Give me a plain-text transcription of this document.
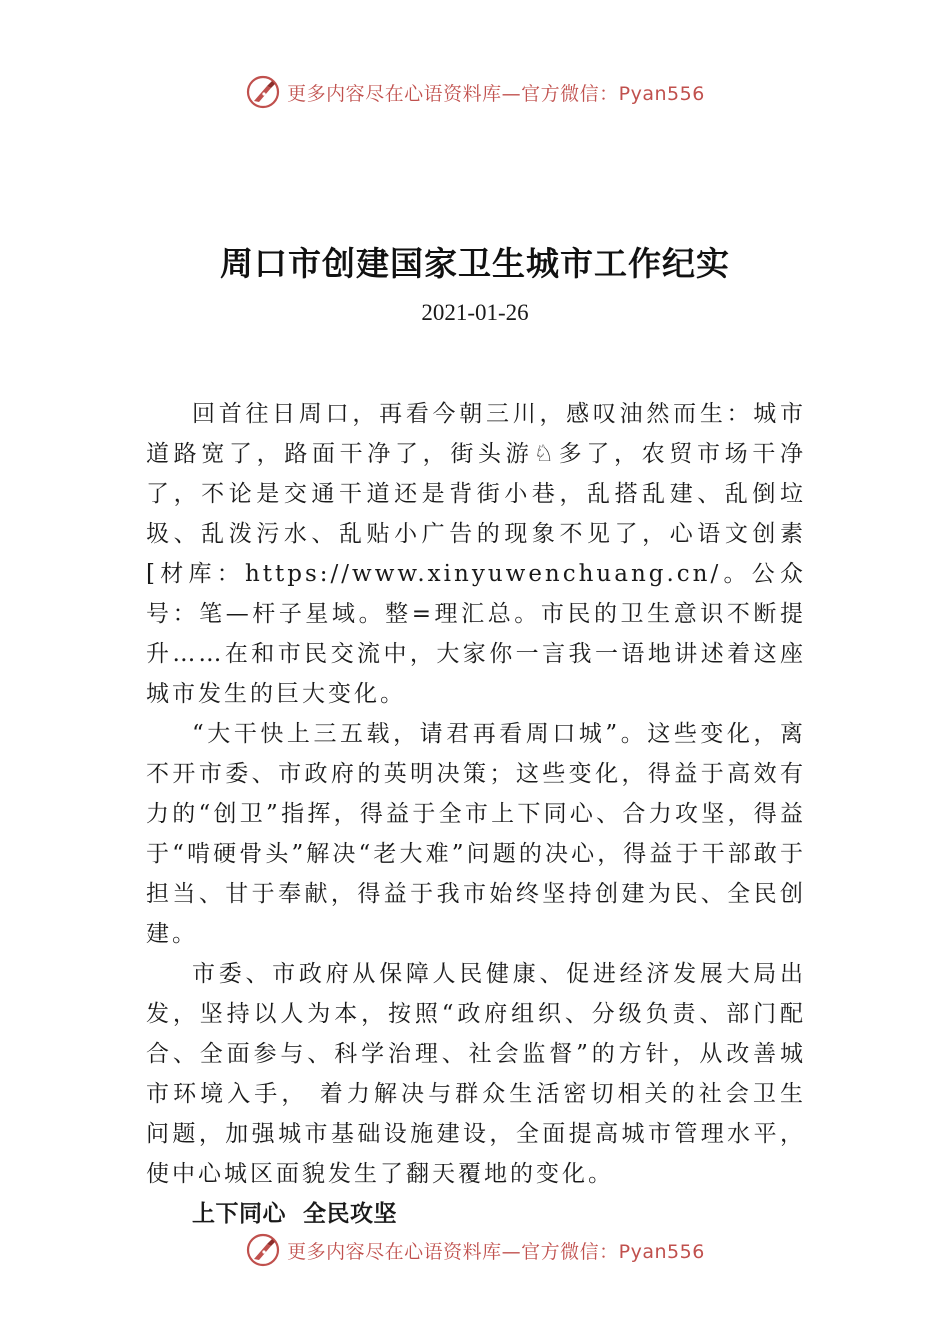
更多内容尽在心语资料库—官方微信：Pyan556
周口市创建国家卫生城市工作纪实
2021-01-26

回首往日周口，再看今朝三川，感叹油然而生：城市道路宽了，路面干净了，街头游♘多了，农贸市场干净了，不论是交通干道还是背街小巷，乱搭乱建、乱倒垃圾、乱泼污水、乱贴小广告的现象不见了，心语文创素[材库：https://www.xinyuwenchuang.cn/。公众号：笔—杆子星域。整=理汇总。市民的卫生意识不断提升……在和市民交流中，大家你一言我一语地讲述着这座城市发生的巨大变化。

“大干快上三五载，请君再看周口城”。这些变化，离不开市委、市政府的英明决策；这些变化，得益于高效有力的“创卫”指挥，得益于全市上下同心、合力攻坚，得益于“啃硬骨头”解决“老大难”问题的决心，得益于干部敢于担当、甘于奉献，得益于我市始终坚持创建为民、全民创建。

市委、市政府从保障人民健康、促进经济发展大局出发，坚持以人为本，按照“政府组织、分级负责、部门配合、全面参与、科学治理、社会监督”的方针，从改善城市环境入手， 着力解决与群众生活密切相关的社会卫生问题，加强城市基础设施建设，全面提高城市管理水平，使中心城区面貌发生了翻天覆地的变化。

上下同心  全民攻坚

更多内容尽在心语资料库—官方微信：Pyan556
